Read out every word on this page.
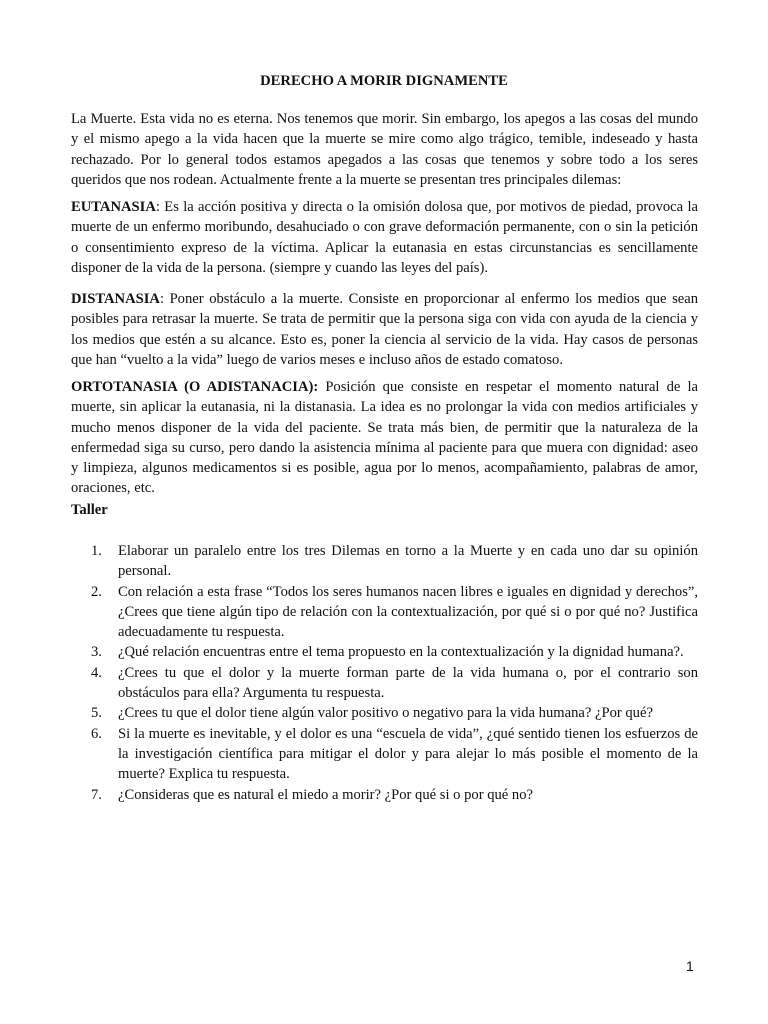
DERECHO A MORIR DIGNAMENTE

La Muerte. Esta vida no es eterna. Nos tenemos que morir. Sin embargo, los apegos a las cosas del mundo y el mismo apego a la vida hacen que la muerte se mire como algo trágico, temible, indeseado y hasta rechazado. Por lo general todos estamos apegados a las cosas que tenemos y sobre todo a los seres queridos que nos rodean. Actualmente frente a la muerte se presentan tres principales dilemas:

EUTANASIA: Es la acción positiva y directa o la omisión dolosa que, por motivos de piedad, provoca la muerte de un enfermo moribundo, desahuciado o con grave deformación permanente, con o sin la petición o consentimiento expreso de la víctima. Aplicar la eutanasia en estas circunstancias es sencillamente disponer de la vida de la persona. (siempre y cuando las leyes del país).

DISTANASIA: Poner obstáculo a la muerte. Consiste en proporcionar al enfermo los medios que sean posibles para retrasar la muerte. Se trata de permitir que la persona siga con vida con ayuda de la ciencia y los medios que estén a su alcance. Esto es, poner la ciencia al servicio de la vida. Hay casos de personas que han “vuelto a la vida” luego de varios meses e incluso años de estado comatoso.

ORTOTANASIA (O ADISTANACIA): Posición que consiste en respetar el momento natural de la muerte, sin aplicar la eutanasia, ni la distanasia. La idea es no prolongar la vida con medios artificiales y mucho menos disponer de la vida del paciente. Se trata más bien, de permitir que la naturaleza de la enfermedad siga su curso, pero dando la asistencia mínima al paciente para que muera con dignidad: aseo y limpieza, algunos medicamentos si es posible, agua por lo menos, acompañamiento, palabras de amor, oraciones, etc.

Taller
1. Elaborar un paralelo entre los tres Dilemas en torno a la Muerte y en cada uno dar su opinión personal.
2. Con relación a esta frase “Todos los seres humanos nacen libres e iguales en dignidad y derechos”, ¿Crees que tiene algún tipo de relación con la contextualización, por qué si o por qué no? Justifica adecuadamente tu respuesta.
3. ¿Qué relación encuentras entre el tema propuesto en la contextualización y la dignidad humana?.
4. ¿Crees tu que el dolor y la muerte forman parte de la vida humana o, por el contrario son obstáculos para ella? Argumenta tu respuesta.
5. ¿Crees tu que el dolor tiene algún valor positivo o negativo para la vida humana? ¿Por qué?
6. Si la muerte es inevitable, y el dolor es una “escuela de vida”, ¿qué sentido tienen los esfuerzos de la investigación científica para mitigar el dolor y para alejar lo más posible el momento de la muerte? Explica tu respuesta.
7. ¿Consideras que es natural el miedo a morir? ¿Por qué si o por qué no?
1
